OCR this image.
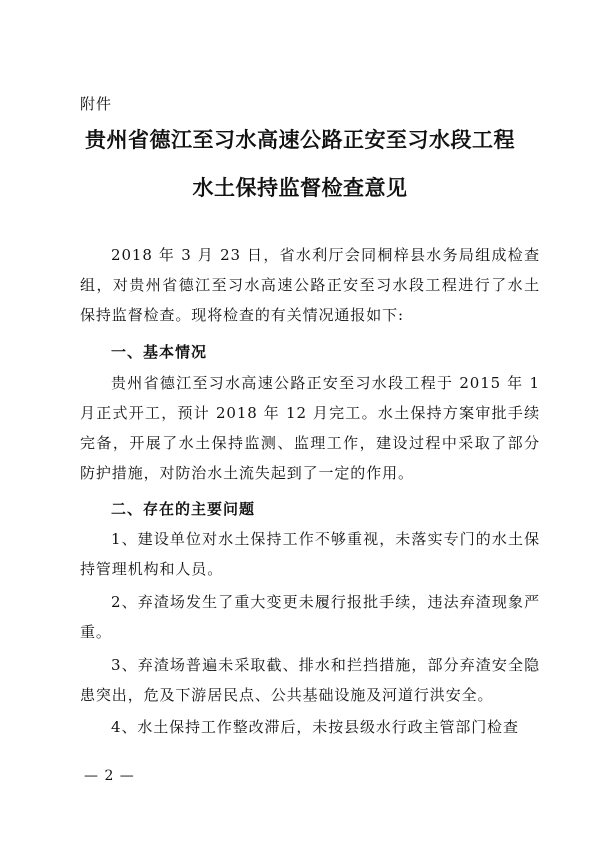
附件
贵州省德江至习水高速公路正安至习水段工程
水土保持监督检查意见

2018 年 3 月 23 日，省水利厅会同桐梓县水务局组成检查组，对贵州省德江至习水高速公路正安至习水段工程进行了水土保持监督检查。现将检查的有关情况通报如下:

一、基本情况

贵州省德江至习水高速公路正安至习水段工程于 2015 年 1 月正式开工，预计 2018 年 12 月完工。水土保持方案审批手续完备，开展了水土保持监测、监理工作，建设过程中采取了部分防护措施，对防治水土流失起到了一定的作用。

二、存在的主要问题

1、建设单位对水土保持工作不够重视，未落实专门的水土保持管理机构和人员。

2、弃渣场发生了重大变更未履行报批手续，违法弃渣现象严重。

3、弃渣场普遍未采取截、排水和拦挡措施，部分弃渣安全隐患突出，危及下游居民点、公共基础设施及河道行洪安全。

4、水土保持工作整改滞后，未按县级水行政主管部门检查

— 2 —
